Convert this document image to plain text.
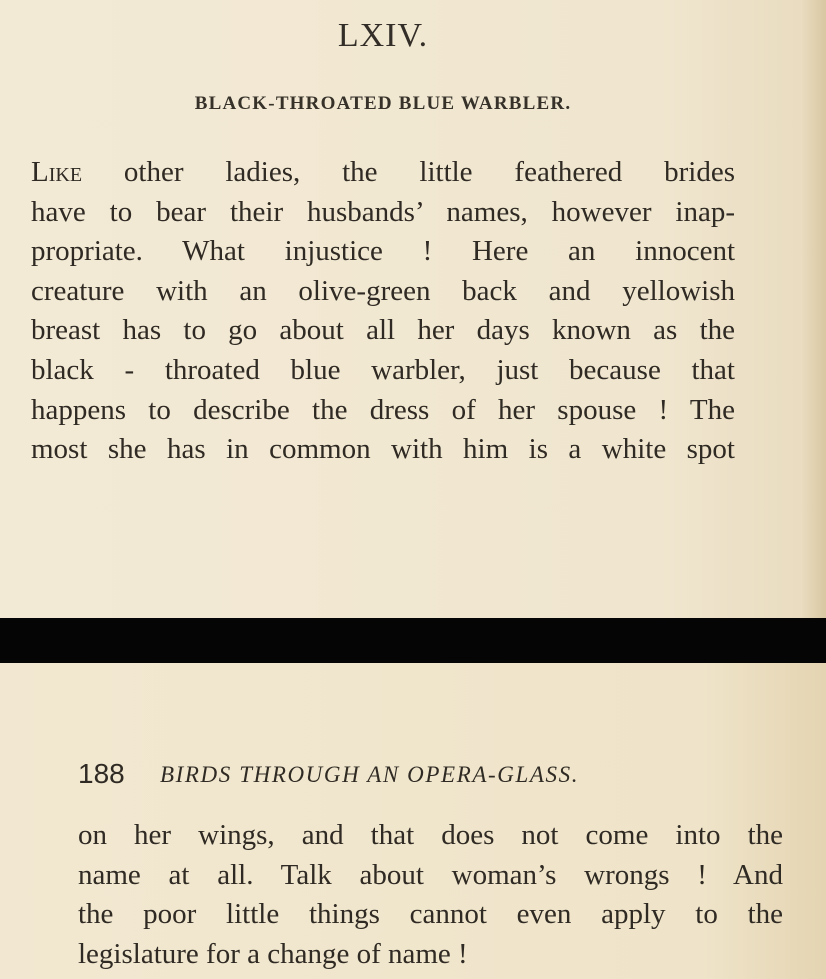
LXIV.
BLACK-THROATED BLUE WARBLER.
Like other ladies, the little feathered brides
have to bear their husbands’ names, however inap-
propriate. What injustice ! Here an innocent
creature with an olive-green back and yellowish
breast has to go about all her days known as the
black - throated blue warbler, just because that
happens to describe the dress of her spouse ! The
most she has in common with him is a white spot
188 BIRDS THROUGH AN OPERA-GLASS.
on her wings, and that does not come into the
name at all. Talk about woman’s wrongs ! And
the poor little things cannot even apply to the
legislature for a change of name !
